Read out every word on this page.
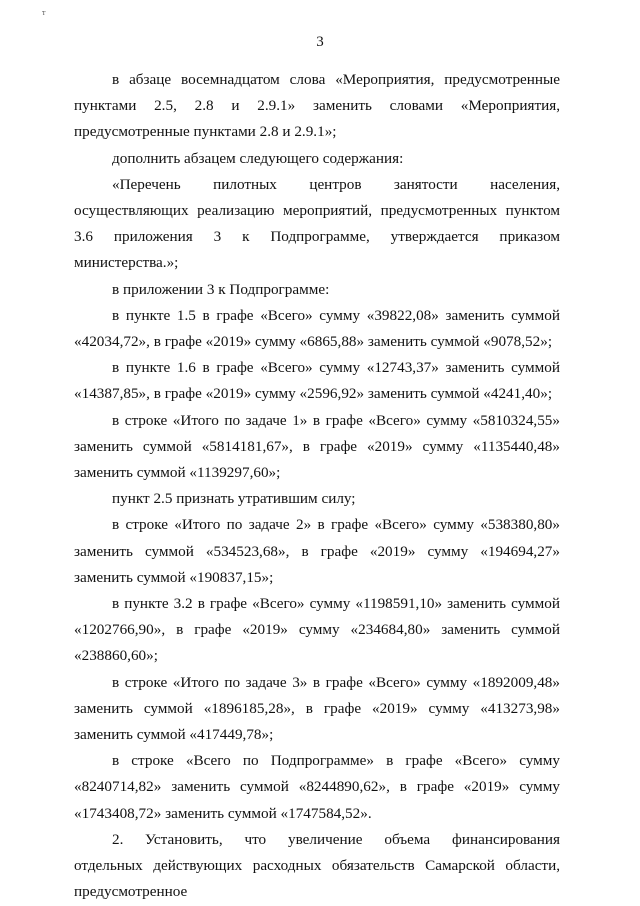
т
3

в абзаце восемнадцатом слова «Мероприятия, предусмотренные пунктами 2.5, 2.8 и 2.9.1» заменить словами «Мероприятия, предусмотренные пунктами 2.8 и 2.9.1»;

дополнить абзацем следующего содержания:

«Перечень пилотных центров занятости населения, осуществляющих реализацию мероприятий, предусмотренных пунктом 3.6 приложения 3 к Подпрограмме, утверждается приказом министерства.»;

в приложении 3 к Подпрограмме:

в пункте 1.5 в графе «Всего» сумму «39822,08» заменить суммой «42034,72», в графе «2019» сумму «6865,88» заменить суммой «9078,52»;

в пункте 1.6 в графе «Всего» сумму «12743,37» заменить суммой «14387,85», в графе «2019» сумму «2596,92» заменить суммой «4241,40»;

в строке «Итого по задаче 1» в графе «Всего» сумму «5810324,55» заменить суммой «5814181,67», в графе «2019» сумму «1135440,48» заменить суммой «1139297,60»;

пункт 2.5 признать утратившим силу;

в строке «Итого по задаче 2» в графе «Всего» сумму «538380,80» заменить суммой «534523,68», в графе «2019» сумму «194694,27» заменить суммой «190837,15»;

в пункте 3.2 в графе «Всего» сумму «1198591,10» заменить суммой «1202766,90», в графе «2019» сумму «234684,80» заменить суммой «238860,60»;

в строке «Итого по задаче 3» в графе «Всего» сумму «1892009,48» заменить суммой «1896185,28», в графе «2019» сумму «413273,98» заменить суммой «417449,78»;

в строке «Всего по Подпрограмме» в графе «Всего» сумму «8240714,82» заменить суммой «8244890,62», в графе «2019» сумму «1743408,72» заменить суммой «1747584,52».

2. Установить, что увеличение объема финансирования отдельных действующих расходных обязательств Самарской области, предусмотренное
